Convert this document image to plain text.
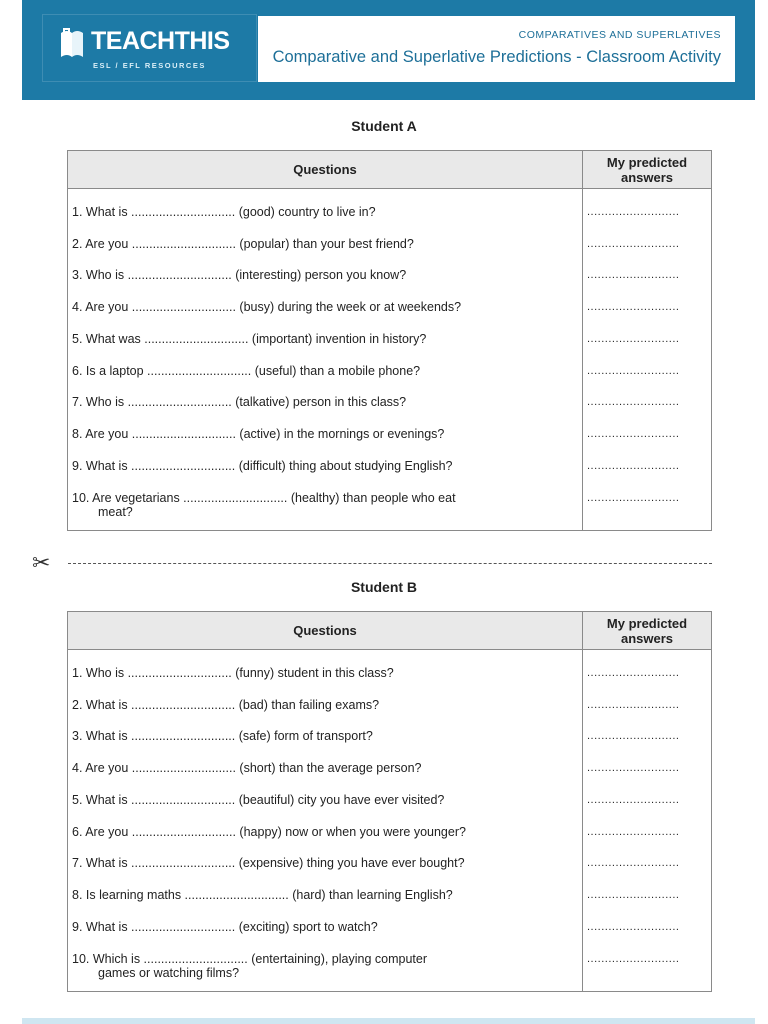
TEACHTHIS
ESL / EFL RESOURCES
COMPARATIVES AND SUPERLATIVES
Comparative and Superlative Predictions - Classroom Activity
Student A
Questions	My predicted answers
1. What is .............................. (good) country to live in?	..........................
2. Are you .............................. (popular) than your best friend?	..........................
3. Who is .............................. (interesting) person you know?	..........................
4. Are you .............................. (busy) during the week or at weekends?	..........................
5. What was .............................. (important) invention in history?	..........................
6. Is a laptop .............................. (useful) than a mobile phone?	..........................
7. Who is .............................. (talkative) person in this class?	..........................
8. Are you .............................. (active) in the mornings or evenings?	..........................
9. What is .............................. (difficult) thing about studying English?	..........................
10. Are vegetarians .............................. (healthy) than people who eat
meat?	..........................
✂
Student B
Questions	My predicted answers
1. Who is .............................. (funny) student in this class?	..........................
2. What is .............................. (bad) than failing exams?	..........................
3. What is .............................. (safe) form of transport?	..........................
4. Are you .............................. (short) than the average person?	..........................
5. What is .............................. (beautiful) city you have ever visited?	..........................
6. Are you .............................. (happy) now or when you were younger?	..........................
7. What is .............................. (expensive) thing you have ever bought?	..........................
8. Is learning maths .............................. (hard) than learning English?	..........................
9. What is .............................. (exciting) sport to watch?	..........................
10. Which is .............................. (entertaining), playing computer
games or watching films?	..........................
